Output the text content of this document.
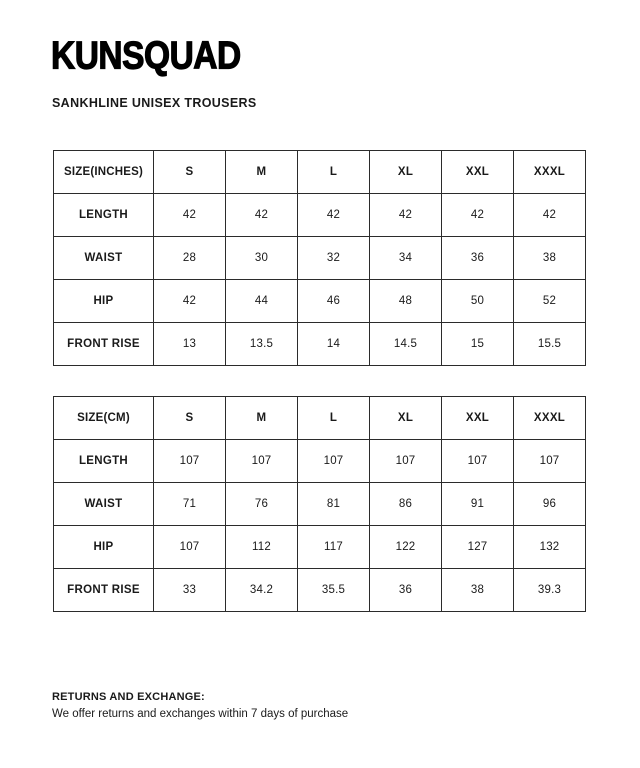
KUNSQUAD
SANKHLINE UNISEX TROUSERS
SIZE(INCHES)	S	M	L	XL	XXL	XXXL
LENGTH	42	42	42	42	42	42
WAIST	28	30	32	34	36	38
HIP	42	44	46	48	50	52
FRONT RISE	13	13.5	14	14.5	15	15.5
SIZE(CM)	S	M	L	XL	XXL	XXXL
LENGTH	107	107	107	107	107	107
WAIST	71	76	81	86	91	96
HIP	107	112	117	122	127	132
FRONT RISE	33	34.2	35.5	36	38	39.3

RETURNS AND EXCHANGE:

We offer returns and exchanges within 7 days of purchase
